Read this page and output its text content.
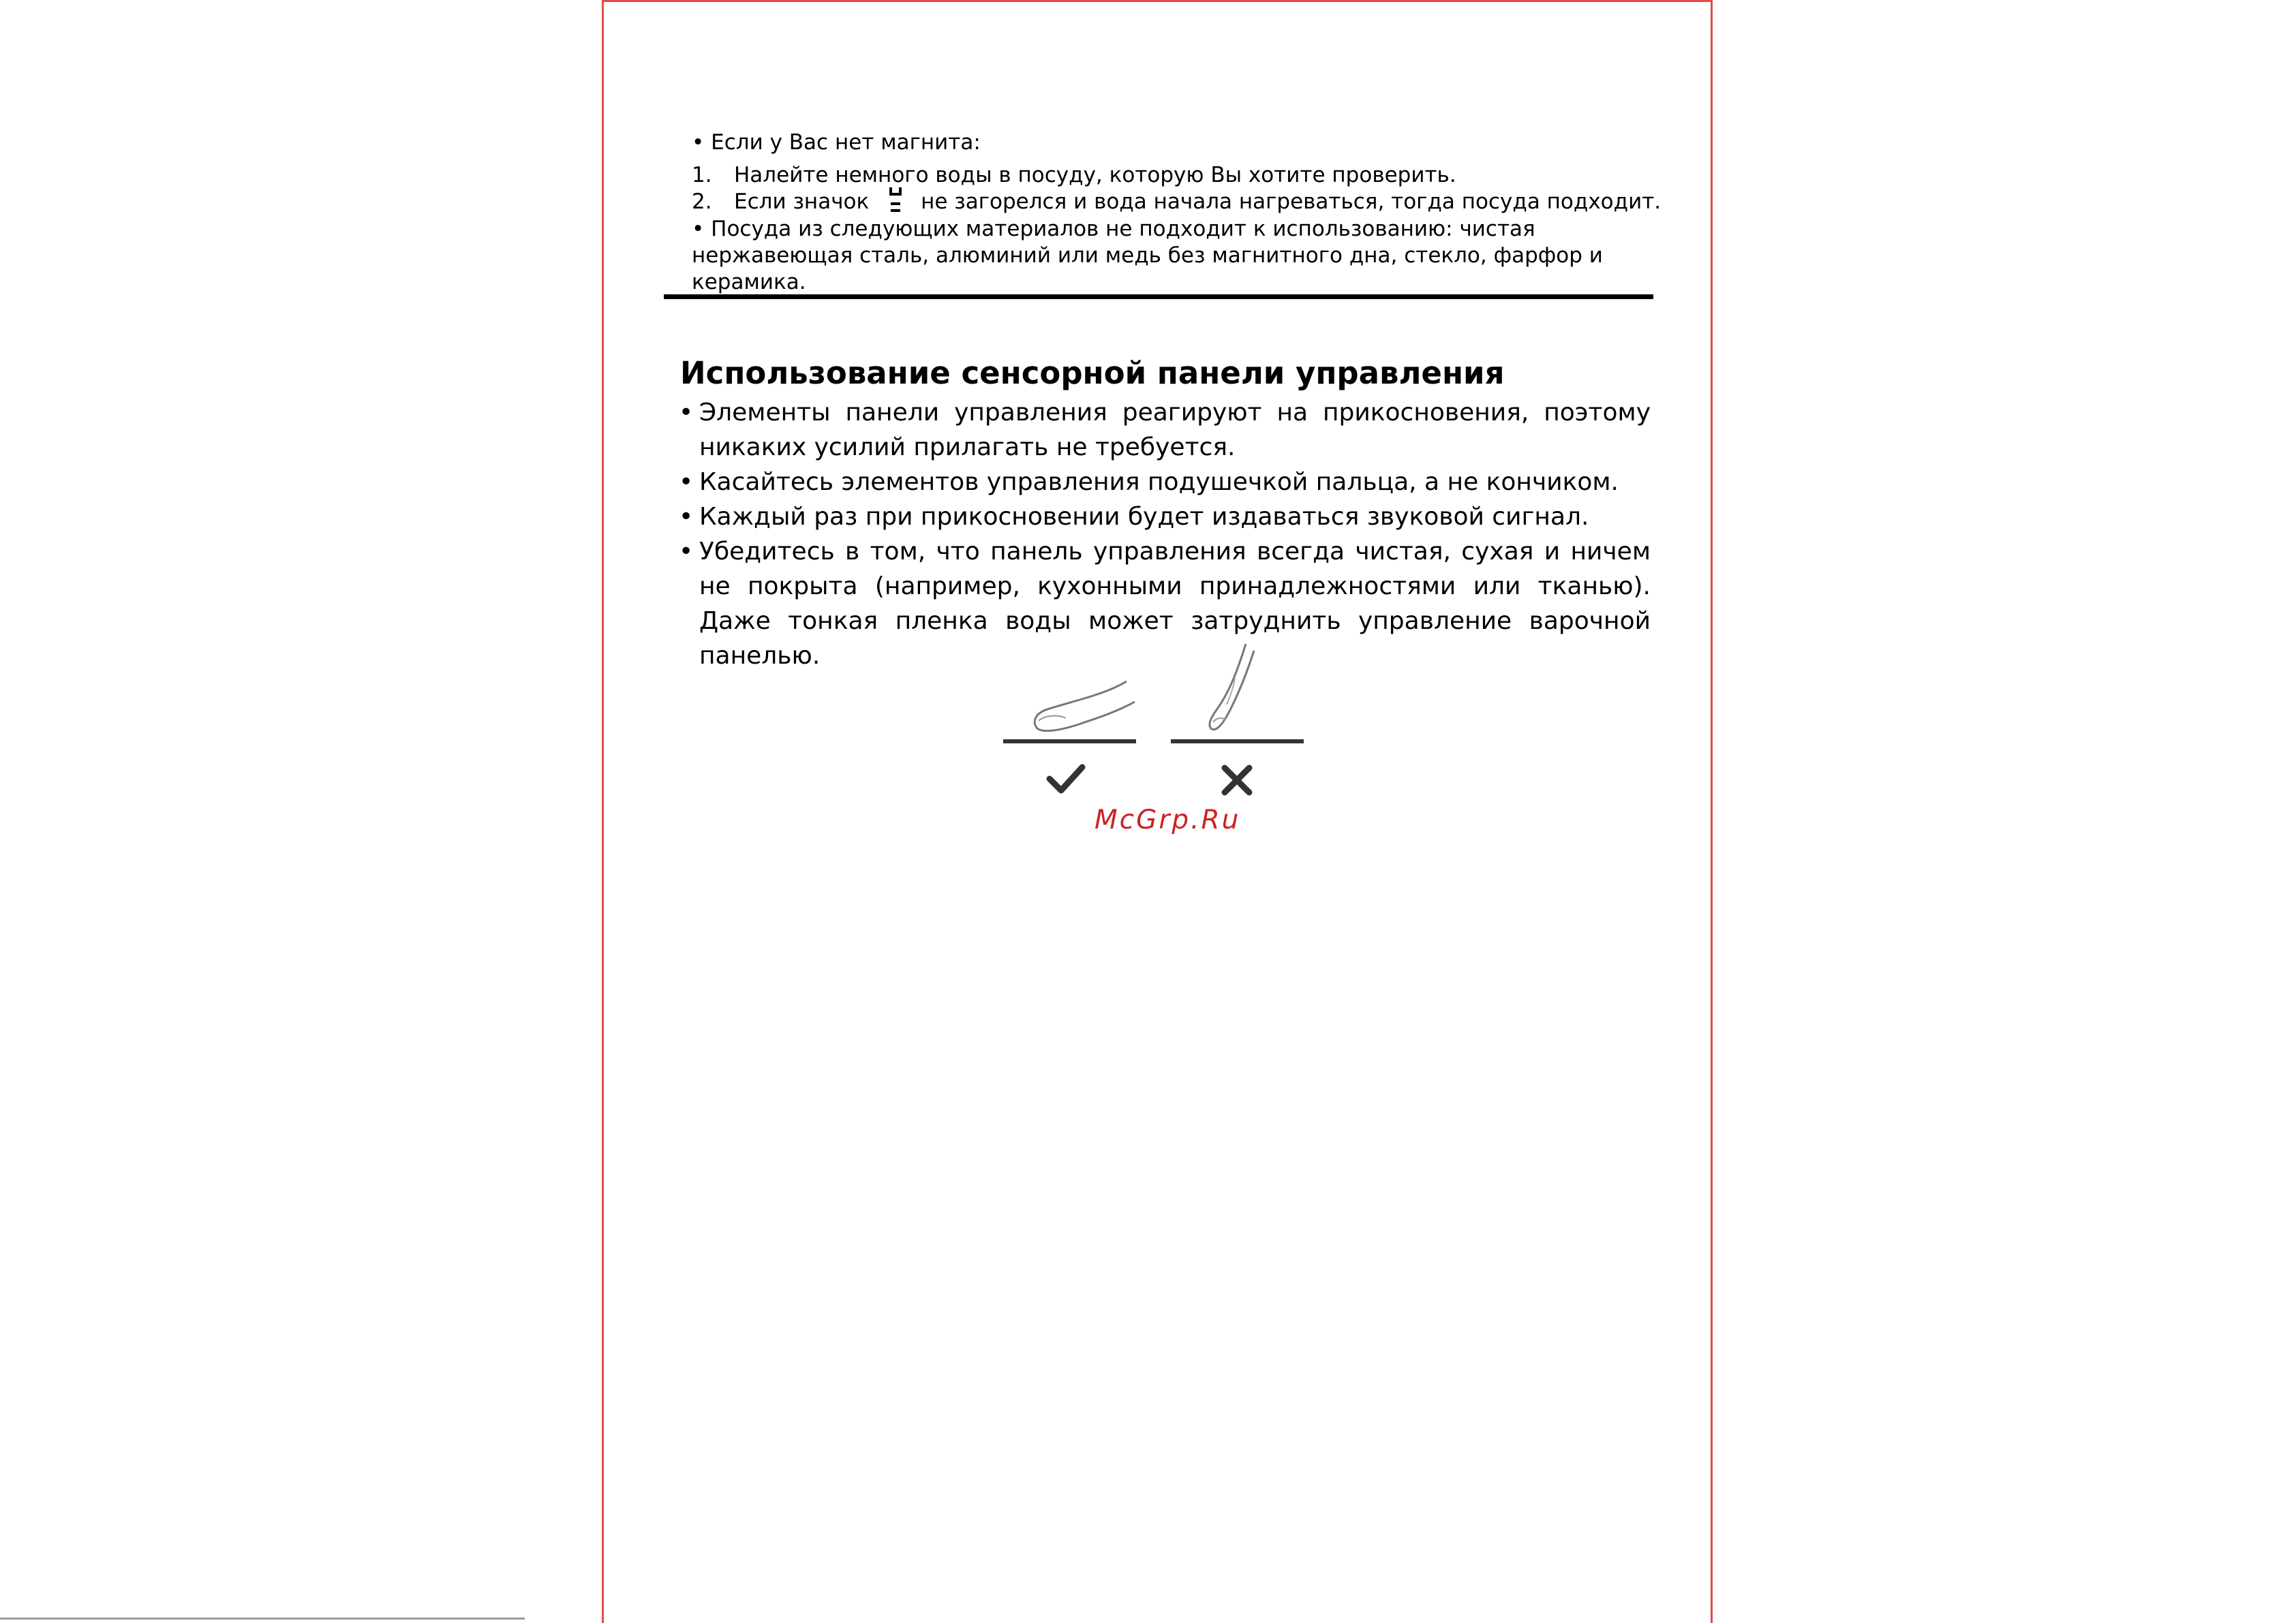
• Если у Вас нет магнита:
1. Налейте немного воды в посуду, которую Вы хотите проверить.
2. Если значок не загорелся и вода начала нагреваться, тогда посуда подходит.
• Посуда из следующих материалов не подходит к использованию: чистая
нержавеющая сталь, алюминий или медь без магнитного дна, стекло, фарфор и
керамика.
Использование сенсорной панели управления
• Элементы панели управления реагируют на прикосновения, поэтому никаких усилий прилагать не требуется.
• Касайтесь элементов управления подушечкой пальца, а не кончиком.
• Каждый раз при прикосновении будет издаваться звуковой сигнал.
• Убедитесь в том, что панель управления всегда чистая, сухая и ничем не покрыта (например, кухонными принадлежностями или тканью). Даже тонкая пленка воды может затруднить управление варочной панелью.
McGrp.Ru
